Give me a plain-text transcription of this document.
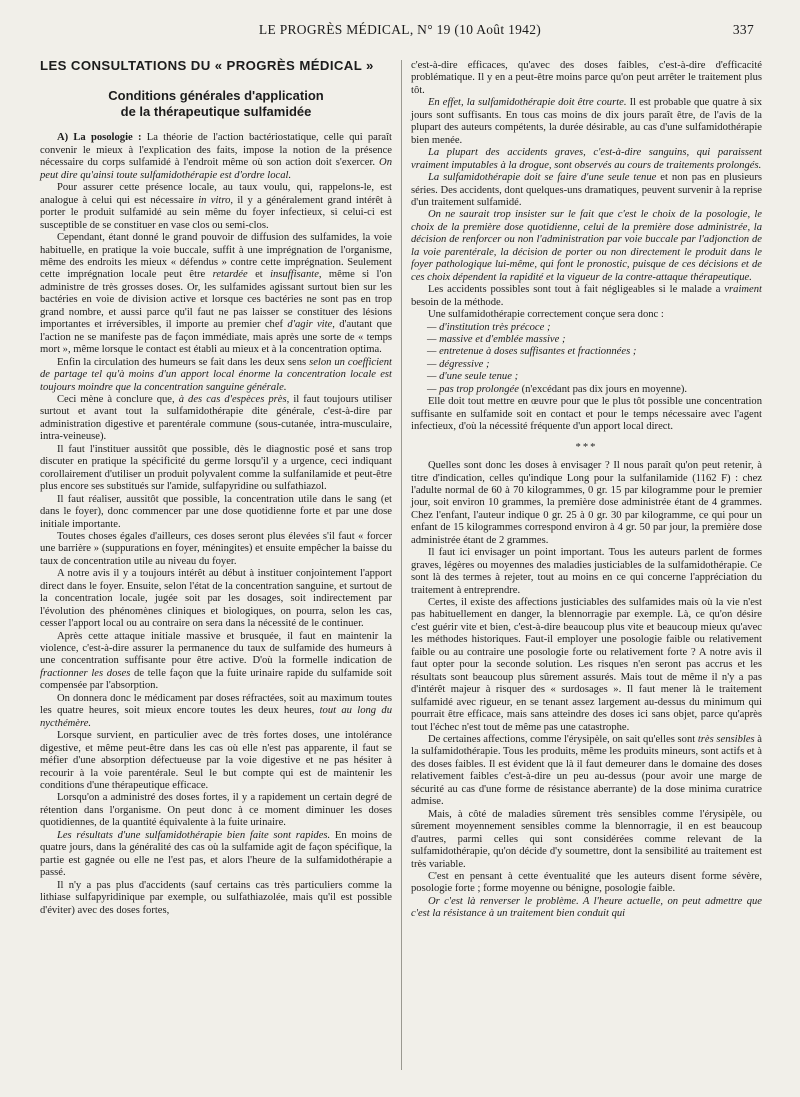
LE PROGRÈS MÉDICAL, N° 19 (10 Août 1942)	337
LES CONSULTATIONS DU « PROGRÈS MÉDICAL »
Conditions générales d'application
de la thérapeutique sulfamidée

A) La posologie : La théorie de l'action bactériostatique, celle qui paraît convenir le mieux à l'explication des faits, impose la notion de la présence nécessaire du corps sulfamidé à l'endroit même où son action doit s'exercer. On peut dire qu'ainsi toute sulfamidothérapie est d'ordre local.

Pour assurer cette présence locale, au taux voulu, qui, rappelons-le, est analogue à celui qui est nécessaire in vitro, il y a généralement grand intérêt à porter le produit sulfamidé au sein même du foyer infectieux, si celui-ci est susceptible de se constituer en vase clos ou semi-clos.

Cependant, étant donné le grand pouvoir de diffusion des sulfamides, la voie habituelle, en pratique la voie buccale, suffit à une imprégnation de l'organisme, même des endroits les mieux « défendus » contre cette imprégnation. Seulement cette imprégnation locale peut être retardée et insuffisante, même si l'on administre de très grosses doses. Or, les sulfamides agissant surtout bien sur les bactéries en voie de division active et lorsque ces bactéries ne sont pas en trop grand nombre, et aussi parce qu'il faut ne pas laisser se constituer des lésions importantes et irréversibles, il importe au premier chef d'agir vite, d'autant que l'action ne se manifeste pas de façon immédiate, mais après une sorte de « temps mort », même lorsque le contact est établi au mieux et à la concentration optima.

Enfin la circulation des humeurs se fait dans les deux sens selon un coefficient de partage tel qu'à moins d'un apport local énorme la concentration locale est toujours moindre que la concentration sanguine générale.

Ceci mène à conclure que, à des cas d'espèces près, il faut toujours utiliser surtout et avant tout la sulfamidothérapie dite générale, c'est-à-dire par administration digestive et parentérale commune (sous-cutanée, intra-musculaire, intra-veineuse).

Il faut l'instituer aussitôt que possible, dès le diagnostic posé et sans trop discuter en pratique la spécificité du germe lorsqu'il y a urgence, ceci indiquant corollairement d'utiliser un produit polyvalent comme la sulfanilamide et peut-être plus encore ses substitués sur l'amide, sulfapyridine ou sulfathiazol.

Il faut réaliser, aussitôt que possible, la concentration utile dans le sang (et dans le foyer), donc commencer par une dose quotidienne forte et par une dose initiale importante.

Toutes choses égales d'ailleurs, ces doses seront plus élevées s'il faut « forcer une barrière » (suppurations en foyer, méningites) et ensuite empêcher la baisse du taux de concentration utile au niveau du foyer.

A notre avis il y a toujours intérêt au début à instituer conjointement l'apport direct dans le foyer. Ensuite, selon l'état de la concentration sanguine, et surtout de la concentration locale, jugée soit par les dosages, soit indirectement par l'évolution des phénomènes cliniques et biologiques, on pourra, selon les cas, cesser l'apport local ou au contraire on sera dans la nécessité de le continuer.

Après cette attaque initiale massive et brusquée, il faut en maintenir la violence, c'est-à-dire assurer la permanence du taux de sulfamide des humeurs à une concentration suffisante pour être active. D'où la formelle indication de fractionner les doses de telle façon que la fuite urinaire rapide du sulfamide soit compensée par l'absorption.

On donnera donc le médicament par doses réfractées, soit au maximum toutes les quatre heures, soit mieux encore toutes les deux heures, tout au long du nycthémère.

Lorsque survient, en particulier avec de très fortes doses, une intolérance digestive, et même peut-être dans les cas où elle n'est pas apparente, il faut se méfier d'une absorption défectueuse par la voie digestive et ne pas hésiter à recourir à la voie parentérale. Seul le but compte qui est de maintenir les conditions d'une thérapeutique efficace.

Lorsqu'on a administré des doses fortes, il y a rapidement un certain degré de rétention dans l'organisme. On peut donc à ce moment diminuer les doses quotidiennes, de la quantité équivalente à la fuite urinaire.

Les résultats d'une sulfamidothérapie bien faite sont rapides. En moins de quatre jours, dans la généralité des cas où la sulfamide agit de façon spécifique, la partie est gagnée ou elle ne l'est pas, et alors l'heure de la sulfamidothérapie a passé.

Il n'y a pas plus d'accidents (sauf certains cas très particuliers comme la lithiase sulfapyridinique par exemple, ou sulfathiazolée, mais qu'il est possible d'éviter) avec des doses fortes,

c'est-à-dire efficaces, qu'avec des doses faibles, c'est-à-dire d'efficacité problématique. Il y en a peut-être moins parce qu'on peut arrêter le traitement plus tôt.

En effet, la sulfamidothérapie doit être courte. Il est probable que quatre à six jours sont suffisants. En tous cas moins de dix jours paraît être, de l'avis de la plupart des auteurs compétents, la durée désirable, au cas d'une sulfamidothérapie bien menée.

La plupart des accidents graves, c'est-à-dire sanguins, qui paraissent vraiment imputables à la drogue, sont observés au cours de traitements prolongés.

La sulfamidothérapie doit se faire d'une seule tenue et non pas en plusieurs séries. Des accidents, dont quelques-uns dramatiques, peuvent survenir à la reprise d'un traitement sulfamidé.

On ne saurait trop insister sur le fait que c'est le choix de la posologie, le choix de la première dose quotidienne, celui de la première dose administrée, la décision de renforcer ou non l'administration par voie buccale par l'adjonction de la voie parentérale, la décision de porter ou non directement le produit dans le foyer pathologique lui-même, qui font le pronostic, puisque de ces décisions et de ces choix dépendent la rapidité et la vigueur de la contre-attaque thérapeutique.

Les accidents possibles sont tout à fait négligeables si le malade a vraiment besoin de la méthode.

Une sulfamidothérapie correctement conçue sera donc :

— d'institution très précoce ;
— massive et d'emblée massive ;
— entretenue à doses suffisantes et fractionnées ;
— dégressive ;
— d'une seule tenue ;
— pas trop prolongée (n'excédant pas dix jours en moyenne).

Elle doit tout mettre en œuvre pour que le plus tôt possible une concentration suffisante en sulfamide soit en contact et pour le temps nécessaire avec l'agent infectieux, d'où la nécessité fréquente d'un apport local direct.

***

Quelles sont donc les doses à envisager ? Il nous paraît qu'on peut retenir, à titre d'indication, celles qu'indique Long pour la sulfanilamide (1162 F) : chez l'adulte normal de 60 à 70 kilogrammes, 0 gr. 15 par kilogramme pour le premier jour, soit environ 10 grammes, la première dose administrée étant de 4 grammes. Chez l'enfant, l'auteur indique 0 gr. 25 à 0 gr. 30 par kilogramme, ce qui pour un enfant de 15 kilogrammes correspond environ à 4 gr. 50 par jour, la première dose administrée étant de 2 grammes.

Il faut ici envisager un point important. Tous les auteurs parlent de formes graves, légères ou moyennes des maladies justiciables de la sulfamidothérapie. Ce sont là des termes à rejeter, tout au moins en ce qui concerne l'appréciation du traitement à entreprendre.

Certes, il existe des affections justiciables des sulfamides mais où la vie n'est pas habituellement en danger, la blennorragie par exemple. Là, ce qu'on désire c'est guérir vite et bien, c'est-à-dire beaucoup plus vite et beaucoup mieux qu'avec les méthodes historiques. Faut-il employer une posologie faible ou relativement faible ou au contraire une posologie forte ou relativement forte ? A notre avis il faut opter pour la seconde solution. Les risques n'en seront pas accrus et les résultats sont beaucoup plus sûrement assurés. Mais tout de même il n'y a pas d'intérêt majeur à risquer des « surdosages ». Il faut mener là le traitement sulfamidé avec rigueur, en se tenant assez largement au-dessus du minimum qui pourrait être efficace, mais sans atteindre des doses ici sans objet, parce qu'après tout l'échec n'est tout de même pas une catastrophe.

De certaines affections, comme l'érysipèle, on sait qu'elles sont très sensibles à la sulfamidothérapie. Tous les produits, même les produits mineurs, sont actifs et à des doses faibles. Il est évident que là il faut demeurer dans le domaine des doses relativement faibles c'est-à-dire un peu au-dessus (pour avoir une marge de sécurité au cas d'une forme de résistance aberrante) de la dose minima curatrice admise.

Mais, à côté de maladies sûrement très sensibles comme l'érysipèle, ou sûrement moyennement sensibles comme la blennorragie, il en est beaucoup d'autres, parmi celles qui sont considérées comme relevant de la sulfamidothérapie, qu'on décide d'y soumettre, dont la sensibilité au traitement est très variable.

C'est en pensant à cette éventualité que les auteurs disent forme sévère, posologie forte ; forme moyenne ou bénigne, posologie faible.

Or c'est là renverser le problème. A l'heure actuelle, on peut admettre que c'est la résistance à un traitement bien conduit qui
